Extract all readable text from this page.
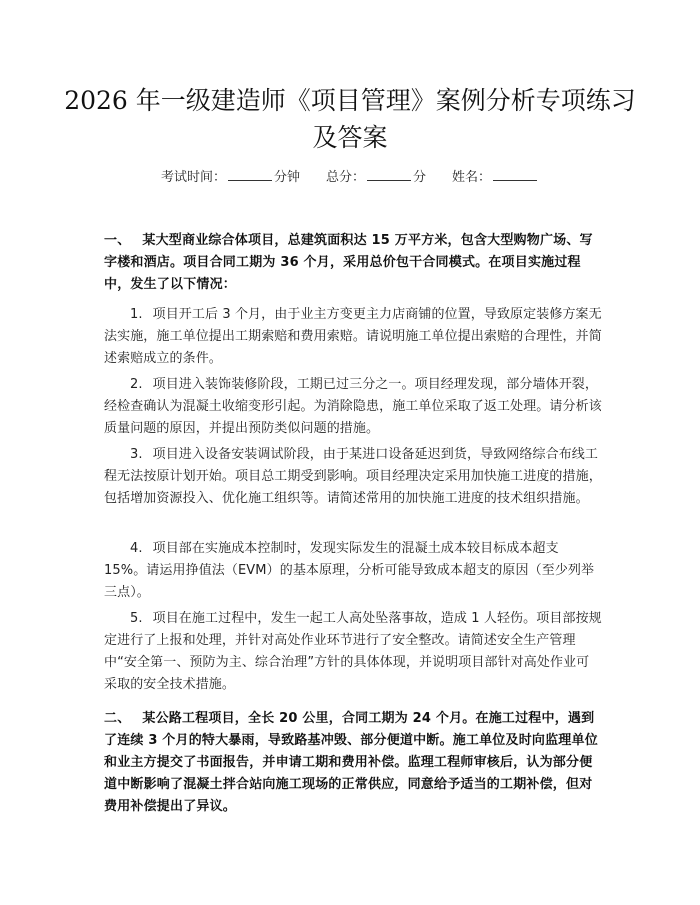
2026 年一级建造师《项目管理》案例分析专项练习及答案
考试时间：	分钟 总分：	分 姓名：
一、 某大型商业综合体项目，总建筑面积达 15 万平方米，包含大型购物广场、写字楼和酒店。项目合同工期为 36 个月，采用总价包干合同模式。在项目实施过程中，发生了以下情况：
1. 项目开工后 3 个月，由于业主方变更主力店商铺的位置，导致原定装修方案无法实施，施工单位提出工期索赔和费用索赔。请说明施工单位提出索赔的合理性，并简述索赔成立的条件。
2. 项目进入装饰装修阶段，工期已过三分之一。项目经理发现，部分墙体开裂，经检查确认为混凝土收缩变形引起。为消除隐患，施工单位采取了返工处理。请分析该质量问题的原因，并提出预防类似问题的措施。
3. 项目进入设备安装调试阶段，由于某进口设备延迟到货，导致网络综合布线工程无法按原计划开始。项目总工期受到影响。项目经理决定采用加快施工进度的措施，包括增加资源投入、优化施工组织等。请简述常用的加快施工进度的技术组织措施。
4. 项目部在实施成本控制时，发现实际发生的混凝土成本较目标成本超支 15%。请运用挣值法（EVM）的基本原理，分析可能导致成本超支的原因（至少列举三点）。
5. 项目在施工过程中，发生一起工人高处坠落事故，造成 1 人轻伤。项目部按规定进行了上报和处理，并针对高处作业环节进行了安全整改。请简述安全生产管理中“安全第一、预防为主、综合治理”方针的具体体现，并说明项目部针对高处作业可采取的安全技术措施。
二、 某公路工程项目，全长 20 公里，合同工期为 24 个月。在施工过程中，遇到了连续 3 个月的特大暴雨，导致路基冲毁、部分便道中断。施工单位及时向监理单位和业主方提交了书面报告，并申请工期和费用补偿。监理工程师审核后，认为部分便道中断影响了混凝土拌合站向施工现场的正常供应，同意给予适当的工期补偿，但对费用补偿提出了异议。
